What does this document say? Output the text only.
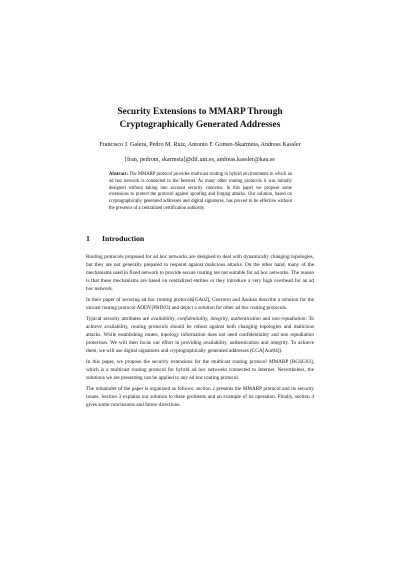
Security Extensions to MMARP Through
Cryptographically Generated Addresses
Francisco J. Galera, Pedro M. Ruiz, Antonio F. Gomez-Skarmeta, Andreas Kassler
[fran, pedrom, skarmeta]@dif.um.es, andreas.kassler@kau.se
Abstract: The MMARP protocol provides multicast routing in hybrid environments in which an ad hoc network is connected to the Internet. As many other routing protocols it was initially designed without taking into account security concerns. In this paper we propose some extensions to protect the protocol against spoofing and forging attacks. Our solution, based on cryptographically generated addresses and digital signatures, has proved to be effective without the presence of a centralized certification authority.
1 Introduction

Routing protocols proposed for ad hoc networks are designed to deal with dynamically changing topologies, but they are not generally prepared to respond against malicious attacks. On the other hand, many of the mechanisms used in fixed network to provide secure routing are not suitable for ad hoc networks. The reason is that these mechanisms are based on centralized entities or they introduce a very high overhead for an ad hoc network.

In their paper of securing ad hoc routing protocols[GA02], Guerrero and Asokan describe a solution for the unicast routing protocol AODV[PRD03] and depict a solution for other ad hoc routing protocols.

Typical security attributes are availability, confidentiality, integrity, authentication and non-repudiation. To achieve availability, routing protocols should be robust against both changing topologies and malicious attacks. While establishing routes, topology information does not need confidentiality and non repudiation protection. We will then focus our effort in providing availability, authentication and integrity. To achieve them, we will use digital signatures and cryptographically generated addresses (CGA[Aur04]).

In this paper, we propose the security extensions for the multicast routing protocol MMARP [RGSG03], which is a multicast routing protocol for hybrid ad hoc networks connected to Internet. Nevertheless, the solutions we are presenting can be applied to any ad hoc routing protocol.

The remainder of the paper is organized as follows: section 2 presents the MMARP protocol and its security issues. Section 3 explains our solution to these problems and an example of its operation. Finally, section 4 gives some conclusions and future directions.
